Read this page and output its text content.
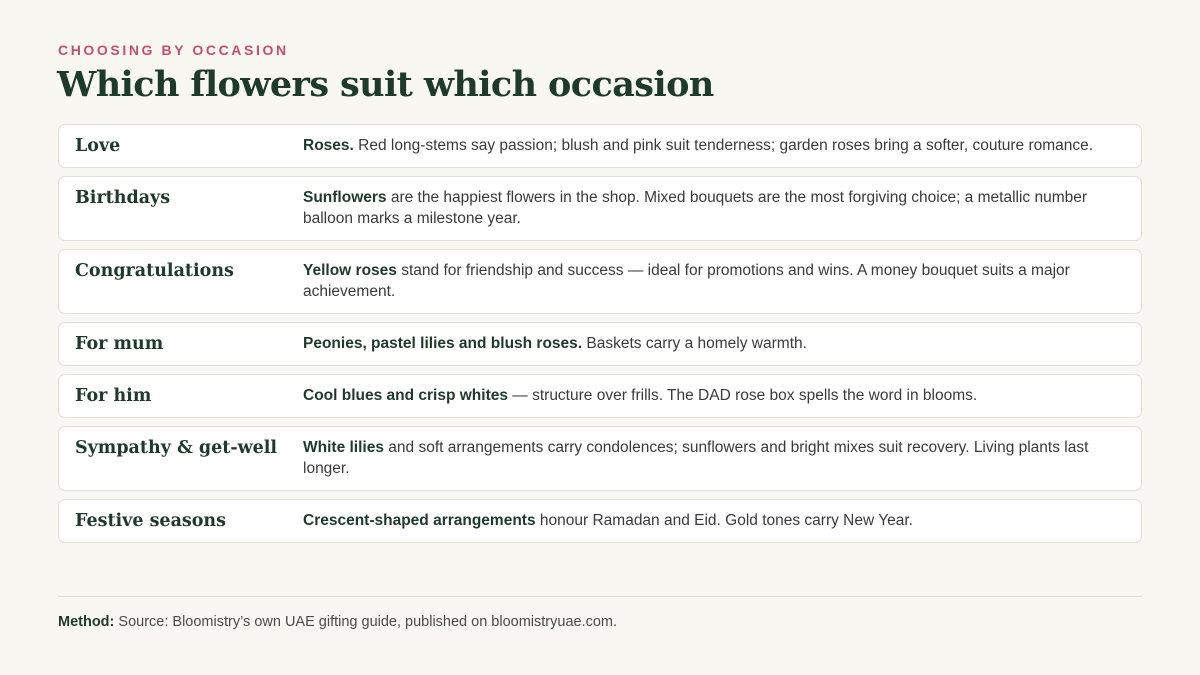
CHOOSING BY OCCASION

Which flowers suit which occasion
Love	Roses. Red long-stems say passion; blush and pink suit tenderness; garden roses bring a softer, couture romance.
Birthdays	Sunflowers are the happiest flowers in the shop. Mixed bouquets are the most forgiving choice; a metallic number balloon marks a milestone year.
Congratulations	Yellow roses stand for friendship and success — ideal for promotions and wins. A money bouquet suits a major achievement.
For mum	Peonies, pastel lilies and blush roses. Baskets carry a homely warmth.
For him	Cool blues and crisp whites — structure over frills. The DAD rose box spells the word in blooms.
Sympathy & get-well	White lilies and soft arrangements carry condolences; sunflowers and bright mixes suit recovery. Living plants last longer.
Festive seasons	Crescent-shaped arrangements honour Ramadan and Eid. Gold tones carry New Year.
Method: Source: Bloomistry’s own UAE gifting guide, published on bloomistryuae.com.
